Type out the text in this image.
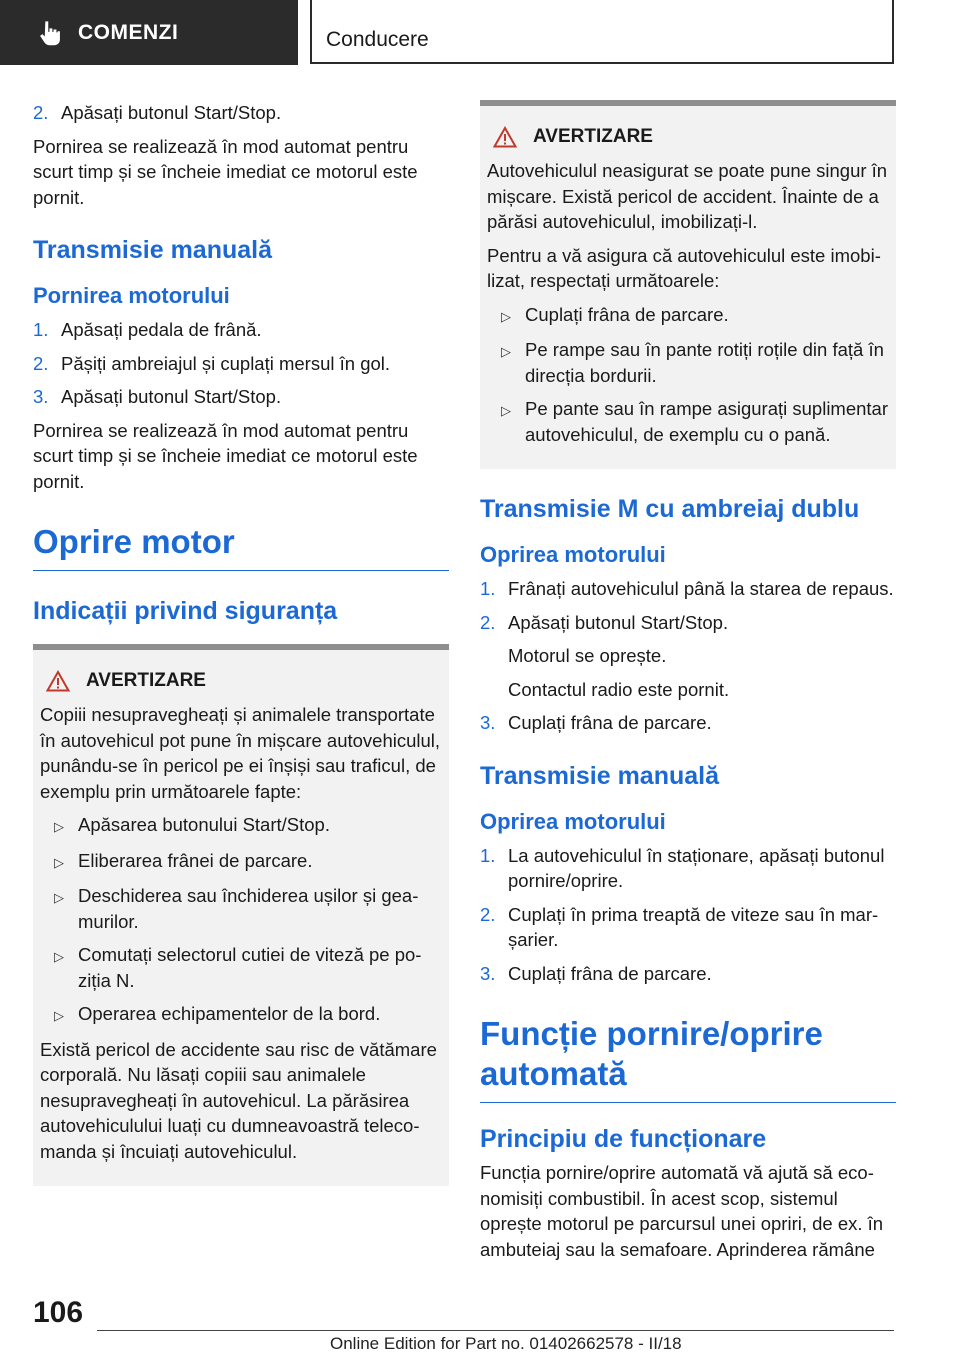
COMENZI	Conducere
2. Apăsați butonul Start/Stop.

Pornirea se realizează în mod automat pentru scurt timp și se încheie imediat ce motorul este pornit.

Transmisie manuală
Pornirea motorului
1. Apăsați pedala de frână.
2. Pășiți ambreiajul și cuplați mersul în gol.
3. Apăsați butonul Start/Stop.

Pornirea se realizează în mod automat pentru scurt timp și se încheie imediat ce motorul este pornit.

Oprire motor
Indicații privind siguranța
AVERTIZARE

Copiii nesupravegheați și animalele transportate în autovehicul pot pune în mișcare autovehiculul, punându-se în pericol pe ei înșiși sau traficul, de exemplu prin următoarele fapte:

▷ Apăsarea butonului Start/Stop.
▷ Eliberarea frânei de parcare.
▷ Deschiderea sau închiderea ușilor și geamurilor.
▷ Comutați selectorul cutiei de viteză pe poziția N.
▷ Operarea echipamentelor de la bord.

Există pericol de accidente sau risc de vătămare corporală. Nu lăsați copiii sau animalele nesupravegheați în autovehicul. La părăsirea autovehiculului luați cu dumneavoastră telecomanda și încuiați autovehiculul.

AVERTIZARE

Autovehiculul neasigurat se poate pune singur în mișcare. Există pericol de accident. Înainte de a părăsi autovehiculul, imobilizați-l.

Pentru a vă asigura că autovehiculul este imobilizat, respectați următoarele:

▷ Cuplați frâna de parcare.
▷ Pe rampe sau în pante rotiți roțile din față în direcția bordurii.
▷ Pe pante sau în rampe asigurați suplimentar autovehiculul, de exemplu cu o pană.
Transmisie M cu ambreiaj dublu
Oprirea motorului
1. Frânați autovehiculul până la starea de repaus.
2. Apăsați butonul Start/Stop.

Motorul se oprește.

Contactul radio este pornit.

3. Cuplați frâna de parcare.
Transmisie manuală
Oprirea motorului
1. La autovehiculul în staționare, apăsați butonul pornire/oprire.
2. Cuplați în prima treaptă de viteze sau în marșarier.
3. Cuplați frâna de parcare.
Funcție pornire/oprire automată
Principiu de funcționare

Funcția pornire/oprire automată vă ajută să economisiți combustibil. În acest scop, sistemul oprește motorul pe parcursul unei opriri, de ex. în ambuteiaj sau la semafoare. Aprinderea rămâne

106
Online Edition for Part no. 01402662578 - II/18
